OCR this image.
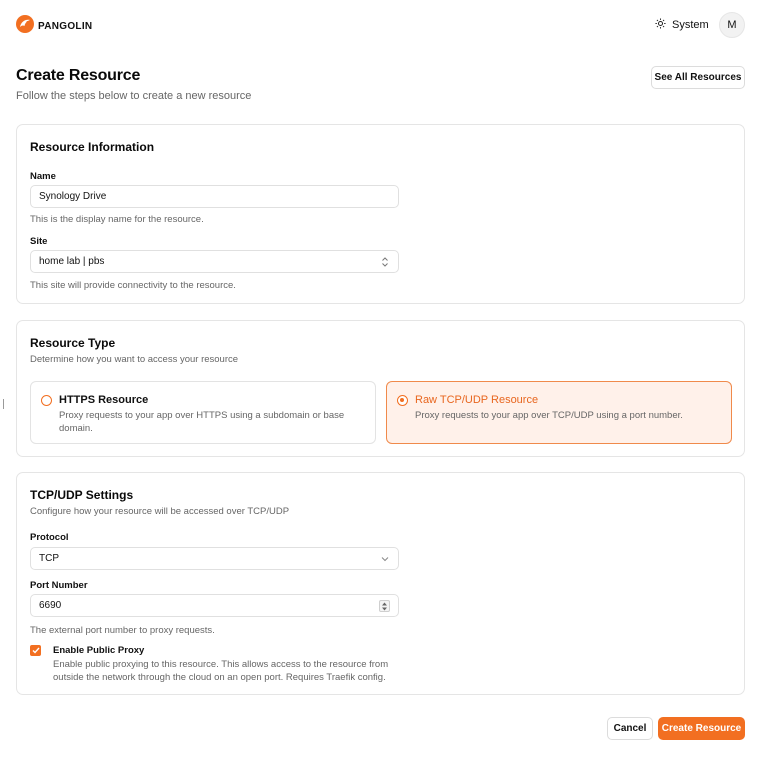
PANGOLIN	System	M
Create Resource
Follow the steps below to create a new resource
See All Resources
Resource Information
Name
Synology Drive
This is the display name for the resource.
Site
home lab | pbs
This site will provide connectivity to the resource.
Resource Type
Determine how you want to access your resource
HTTPS Resource
Proxy requests to your app over HTTPS using a subdomain or base domain.
Raw TCP/UDP Resource
Proxy requests to your app over TCP/UDP using a port number.
TCP/UDP Settings
Configure how your resource will be accessed over TCP/UDP
Protocol
TCP
Port Number
6690
The external port number to proxy requests.
Enable Public Proxy
Enable public proxying to this resource. This allows access to the resource from outside the network through the cloud on an open port. Requires Traefik config.
Cancel	Create Resource
